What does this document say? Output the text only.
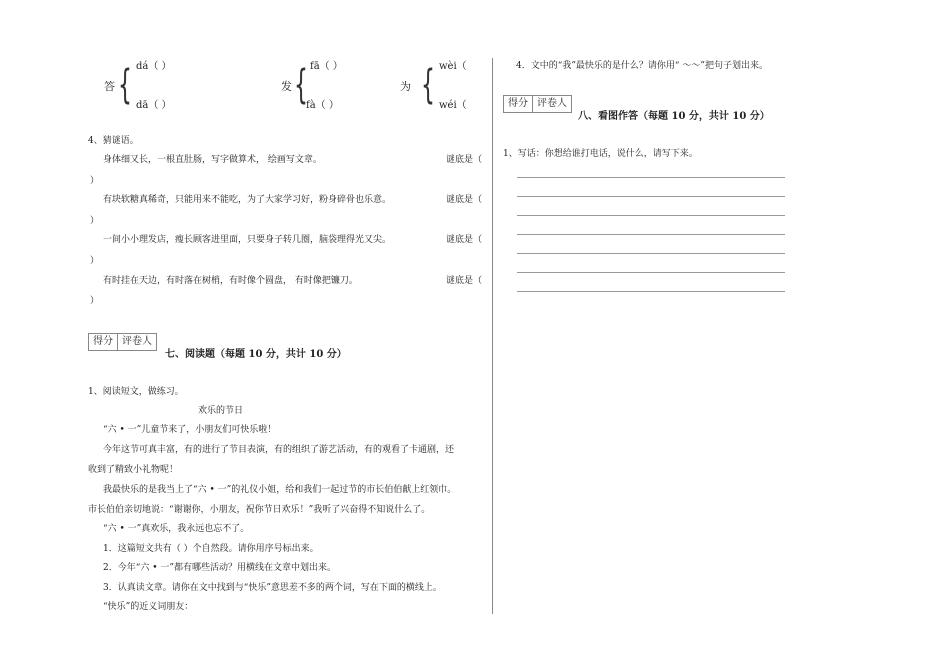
答 { dá（ ）
dā（ ）
发 { fā（ ）
fà（ ）
为 { wèi（
wéi（
4、猜谜语。
身体细又长，一根直肚肠，写字做算术， 绘画写文章。	谜底是（
）
有块软糖真稀奇，只能用来不能吃，为了大家学习好，粉身碎骨也乐意。	谜底是（
）
一间小小理发店，瘦长顾客进里面，只要身子转几圈，脑袋理得光又尖。	谜底是（
）
有时挂在天边，有时落在树梢，有时像个圆盘， 有时像把镰刀。	谜底是（
）
得分 评卷人
七、阅读题（每题 10 分，共计 10 分）
1、阅读短文，做练习。
欢乐的节日
“六 • 一”儿童节来了，小朋友们可快乐啦！
今年这节可真丰富，有的进行了节目表演，有的组织了游艺活动，有的观看了卡通剧，还
收到了精致小礼物呢！
我最快乐的是我当上了“六 • 一”的礼仪小姐，给和我们一起过节的市长伯伯献上红领巾。
市长伯伯亲切地说：“谢谢你，小朋友，祝你节日欢乐！”我听了兴奋得不知说什么了。
“六 • 一”真欢乐，我永远也忘不了。
1．这篇短文共有（ ）个自然段。请你用序号标出来。
2．今年“六 • 一”都有哪些活动？用横线在文章中划出来。
3．认真读文章。请你在文中找到与“快乐”意思差不多的两个词，写在下面的横线上。
“快乐”的近义词朋友：
4．文中的“我”最快乐的是什么？请你用“ ～～”把句子划出来。
得分 评卷人
八、看图作答（每题 10 分，共计 10 分）
1、写话：你想给谁打电话，说什么，请写下来。
